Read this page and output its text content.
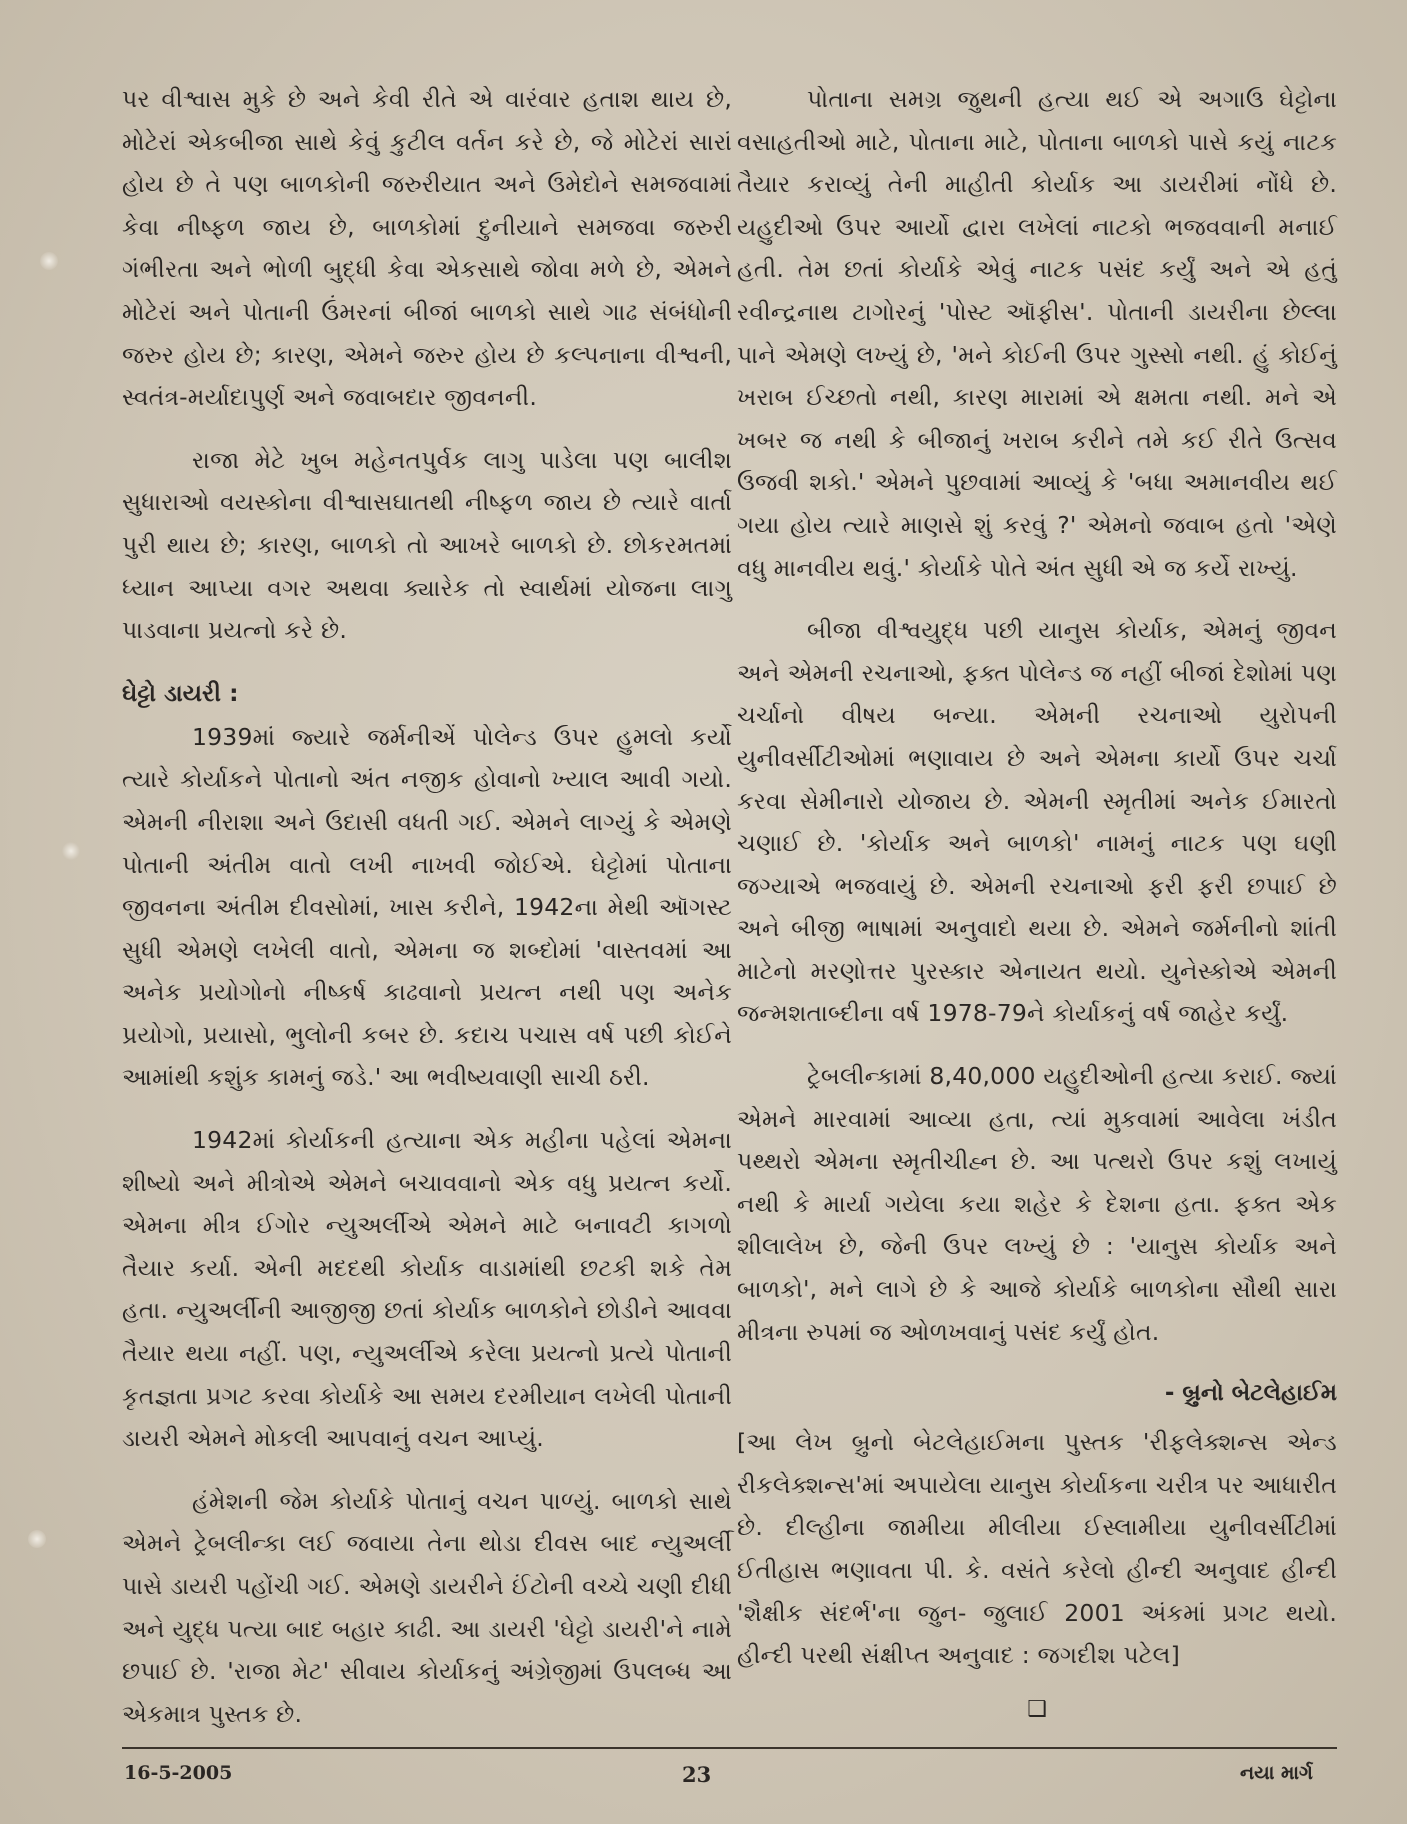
પર વીશ્વાસ મુકે છે અને કેવી રીતે એ વારંવાર હતાશ થાય છે, મોટેરાં એકબીજા સાથે કેવું કુટીલ વર્તન કરે છે, જે મોટેરાં સારાં હોય છે તે પણ બાળકોની જરુરીયાત અને ઉમેદોને સમજવામાં કેવા નીષ્ફળ જાય છે, બાળકોમાં દુનીયાને સમજવા જરુરી ગંભીરતા અને ભોળી બુદ્ધી કેવા એકસાથે જોવા મળે છે, એમને મોટેરાં અને પોતાની ઉંમરનાં બીજાં બાળકો સાથે ગાઢ સંબંધોની જરુર હોય છે; કારણ, એમને જરુર હોય છે કલ્પનાના વીશ્વની, સ્વતંત્ર-મર્યાદાપુર્ણ અને જવાબદાર જીવનની.

રાજા મેટે ખુબ મહેનતપુર્વક લાગુ પાડેલા પણ બાલીશ સુધારાઓ વયસ્કોના વીશ્વાસઘાતથી નીષ્ફળ જાય છે ત્યારે વાર્તા પુરી થાય છે; કારણ, બાળકો તો આખરે બાળકો છે. છોકરમતમાં ધ્યાન આપ્યા વગર અથવા ક્યારેક તો સ્વાર્થમાં યોજના લાગુ પાડવાના પ્રયત્નો કરે છે.

ઘેટ્ટો ડાયરી :

1939માં જ્યારે જર્મનીએં પોલેન્ડ ઉપર હુમલો કર્યો ત્યારે કોર્યાકને પોતાનો અંત નજીક હોવાનો ખ્યાલ આવી ગયો. એમની નીરાશા અને ઉદાસી વધતી ગઈ. એમને લાગ્યું કે એમણે પોતાની અંતીમ વાતો લખી નાખવી જોઈએ. ઘેટ્ટોમાં પોતાના જીવનના અંતીમ દીવસોમાં, ખાસ કરીને, 1942ના મેથી ઑગસ્ટ સુધી એમણે લખેલી વાતો, એમના જ શબ્દોમાં 'વાસ્તવમાં આ અનેક પ્રયોગોનો નીષ્કર્ષ કાઢવાનો પ્રયત્ન નથી પણ અનેક પ્રયોગો, પ્રયાસો, ભુલોની કબર છે. કદાચ પચાસ વર્ષ પછી કોઈને આમાંથી કશુંક કામનું જડે.' આ ભવીષ્યવાણી સાચી ઠરી.

1942માં કોર્યાકની હત્યાના એક મહીના પહેલાં એમના શીષ્યો અને મીત્રોએ એમને બચાવવાનો એક વધુ પ્રયત્ન કર્યો. એમના મીત્ર ઈગોર ન્યુઅર્લીએ એમને માટે બનાવટી કાગળો તૈયાર કર્યા. એની મદદથી કોર્યાક વાડામાંથી છટકી શકે તેમ હતા. ન્યુઅર્લીની આજીજી છતાં કોર્યાક બાળકોને છોડીને આવવા તૈયાર થયા નહીં. પણ, ન્યુઅર્લીએ કરેલા પ્રયત્નો પ્રત્યે પોતાની કૃતજ્ઞતા પ્રગટ કરવા કોર્યાકે આ સમય દરમીયાન લખેલી પોતાની ડાયરી એમને મોકલી આપવાનું વચન આપ્યું.

હંમેશની જેમ કોર્યાકે પોતાનું વચન પાળ્યું. બાળકો સાથે એમને ટ્રેબલીન્કા લઈ જવાયા તેના થોડા દીવસ બાદ ન્યુઅર્લી પાસે ડાયરી પહોંચી ગઈ. એમણે ડાયરીને ઈંટોની વચ્ચે ચણી દીધી અને યુદ્ધ પત્યા બાદ બહાર કાઢી. આ ડાયરી 'ઘેટ્ટો ડાયરી'ને નામે છપાઈ છે. 'રાજા મેટ' સીવાય કોર્યાકનું અંગ્રેજીમાં ઉપલબ્ધ આ એકમાત્ર પુસ્તક છે.

પોતાના સમગ્ર જુથની હત્યા થઈ એ અગાઉ ઘેટ્ટોના વસાહતીઓ માટે, પોતાના માટે, પોતાના બાળકો પાસે કયું નાટક તૈયાર કરાવ્યું તેની માહીતી કોર્યાક આ ડાયરીમાં નોંધે છે. યહુદીઓ ઉપર આર્યો દ્વારા લખેલાં નાટકો ભજવવાની મનાઈ હતી. તેમ છતાં કોર્યાકે એવું નાટક પસંદ કર્યું અને એ હતું રવીન્દ્રનાથ ટાગોરનું 'પોસ્ટ ઑફીસ'. પોતાની ડાયરીના છેલ્લા પાને એમણે લખ્યું છે, 'મને કોઈની ઉપર ગુસ્સો નથી. હું કોઈનું ખરાબ ઈચ્છતો નથી, કારણ મારામાં એ ક્ષમતા નથી. મને એ ખબર જ નથી કે બીજાનું ખરાબ કરીને તમે કઈ રીતે ઉત્સવ ઉજવી શકો.' એમને પુછવામાં આવ્યું કે 'બધા અમાનવીય થઈ ગયા હોય ત્યારે માણસે શું કરવું ?' એમનો જવાબ હતો 'એણે વધુ માનવીય થવું.' કોર્યાકે પોતે અંત સુધી એ જ કર્યે રાખ્યું.

બીજા વીશ્વયુદ્ધ પછી યાનુસ કોર્યાક, એમનું જીવન અને એમની રચનાઓ, ફક્ત પોલેન્ડ જ નહીં બીજાં દેશોમાં પણ ચર્ચાનો વીષય બન્યા. એમની રચનાઓ યુરોપની યુનીવર્સીટીઓમાં ભણાવાય છે અને એમના કાર્યો ઉપર ચર્ચા કરવા સેમીનારો યોજાય છે. એમની સ્મૃતીમાં અનેક ઈમારતો ચણાઈ છે. 'કોર્યાક અને બાળકો' નામનું નાટક પણ ઘણી જગ્યાએ ભજવાયું છે. એમની રચનાઓ ફરી ફરી છપાઈ છે અને બીજી ભાષામાં અનુવાદો થયા છે. એમને જર્મનીનો શાંતી માટેનો મરણોત્તર પુરસ્કાર એનાયત થયો. યુનેસ્કોએ એમની જન્મશતાબ્દીના વર્ષ 1978-79ને કોર્યાકનું વર્ષ જાહેર કર્યું.

ટ્રેબલીન્કામાં 8,40,000 યહુદીઓની હત્યા કરાઈ. જ્યાં એમને મારવામાં આવ્યા હતા, ત્યાં મુકવામાં આવેલા ખંડીત પથ્થરો એમના સ્મૃતીચીહ્ન છે. આ પત્થરો ઉપર કશું લખાયું નથી કે માર્યા ગયેલા કયા શહેર કે દેશના હતા. ફક્ત એક શીલાલેખ છે, જેની ઉપર લખ્યું છે : 'યાનુસ કોર્યાક અને બાળકો', મને લાગે છે કે આજે કોર્યાકે બાળકોના સૌથી સારા મીત્રના રુપમાં જ ઓળખવાનું પસંદ કર્યું હોત.

- બ્રુનો બેટલેહાઈમ

[આ લેખ બ્રુનો બેટલેહાઈમના પુસ્તક 'રીફલેક્શન્સ એન્ડ રીકલેક્શન્સ'માં અપાયેલા યાનુસ કોર્યાકના ચરીત્ર પર આધારીત છે. દીલ્હીના જામીયા મીલીયા ઈસ્લામીયા યુનીવર્સીટીમાં ઈતીહાસ ભણાવતા પી. કે. વસંતે કરેલો હીન્દી અનુવાદ હીન્દી 'શૈક્ષીક સંદર્ભ'ના જુન- જુલાઈ 2001 અંકમાં પ્રગટ થયો. હીન્દી પરથી સંક્ષીપ્ત અનુવાદ : જગદીશ પટેલ]

❑
16-5-2005	23	નયા માર્ગ
